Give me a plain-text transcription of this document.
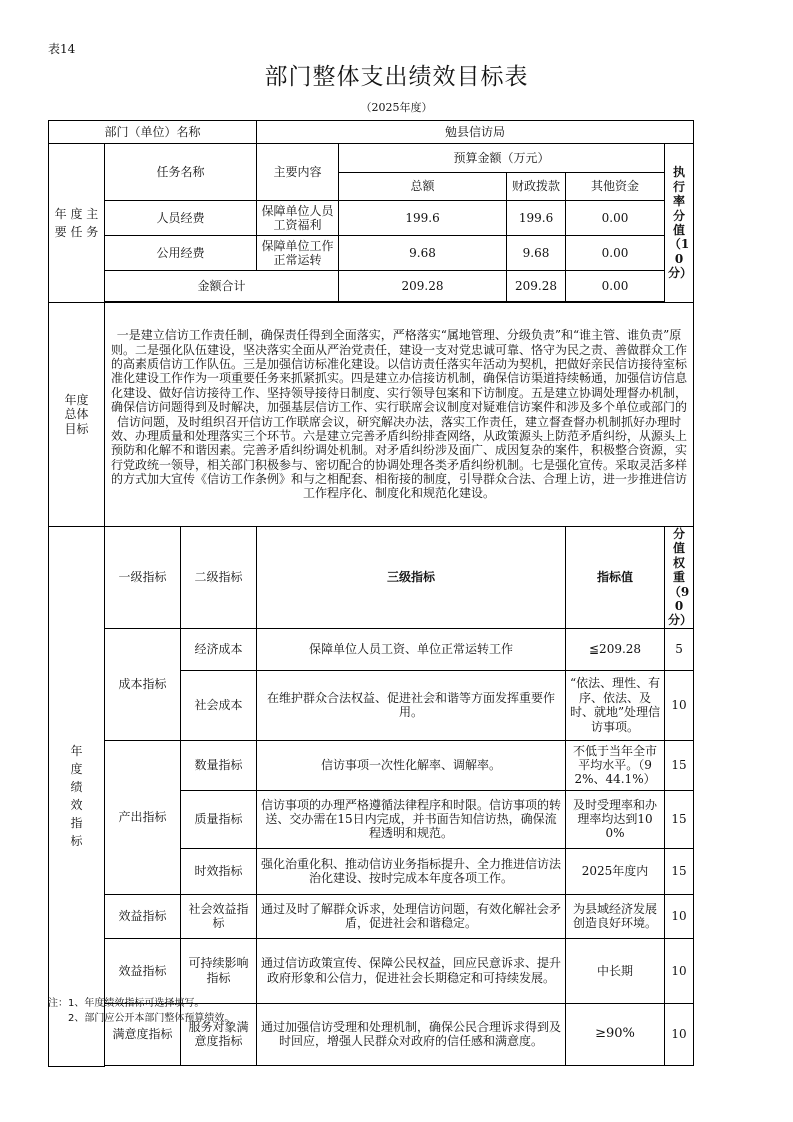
表14
部门整体支出绩效目标表
（2025年度）
部门（单位）名称			勉县信访局				

年 度 主 要 任 务	任务名称		主要内容	预算金额（万元）			执行率分值（10分）
				总额	财政拨款	其他资金	
	人员经费		保障单位人员工资福利	199.6	199.6	0.00	
	公用经费		保障单位工作正常运转	9.68	9.68	0.00	
	金额合计			209.28	209.28	0.00	

年度总体目标	一是建立信访工作责任制，确保责任得到全面落实，严格落实“属地管理、分级负责”和“谁主管、谁负责”原则。二是强化队伍建设，坚决落实全面从严治党责任，建设一支对党忠诚可靠、恪守为民之责、善做群众工作的高素质信访工作队伍。三是加强信访标准化建设。以信访责任落实年活动为契机，把做好亲民信访接待室标准化建设工作作为一项重要任务来抓紧抓实。四是建立办信接访机制，确保信访渠道持续畅通，加强信访信息化建设、做好信访接待工作、坚持领导接待日制度、实行领导包案和下访制度。五是建立协调处理督办机制，确保信访问题得到及时解决，加强基层信访工作、实行联席会议制度对疑难信访案件和涉及多个单位或部门的信访问题，及时组织召开信访工作联席会议，研究解决办法，落实工作责任，建立督查督办机制抓好办理时效、办理质量和处理落实三个环节。六是建立完善矛盾纠纷排查网络，从政策源头上防范矛盾纠纷，从源头上预防和化解不和谐因素。完善矛盾纠纷调处机制。对矛盾纠纷涉及面广、成因复杂的案件，积极整合资源，实行党政统一领导，相关部门积极参与、密切配合的协调处理各类矛盾纠纷机制。七是强化宣传。采取灵活多样的方式加大宣传《信访工作条例》和与之相配套、相衔接的制度，引导群众合法、合理上访，进一步推进信访工作程序化、制度化和规范化建设。						

年度绩效指标	一级指标	二级指标	三级指标			指标值	分值权重（90分）
	成本指标	经济成本	保障单位人员工资、单位正常运转工作			≦209.28	5
		社会成本	在维护群众合法权益、促进社会和谐等方面发挥重要作用。			“依法、理性、有序、依法、及时、就地”处理信访事项。	10
	产出指标	数量指标	信访事项一次性化解率、调解率。			不低于当年全市平均水平。（92%、44.1%）	15
		质量指标	信访事项的办理严格遵循法律程序和时限。信访事项的转送、交办需在15日内完成，并书面告知信访热，确保流程透明和规范。			及时受理率和办理率均达到100%	15
		时效指标	强化治重化积、推动信访业务指标提升、全力推进信访法治化建设、按时完成本年度各项工作。			2025年度内	15
	效益指标	社会效益指标	通过及时了解群众诉求，处理信访问题，有效化解社会矛盾，促进社会和谐稳定。			为县域经济发展创造良好环境。	10
	效益指标	可持续影响指标	通过信访政策宣传、保障公民权益，回应民意诉求、提升政府形象和公信力，促进社会长期稳定和可持续发展。			中长期	10
	满意度指标	服务对象满意度指标	通过加强信访受理和处理机制，确保公民合理诉求得到及时回应，增强人民群众对政府的信任感和满意度。			≥90%	10

注：1、年度绩效指标可选择填写。
2、部门应公开本部门整体预算绩效。
